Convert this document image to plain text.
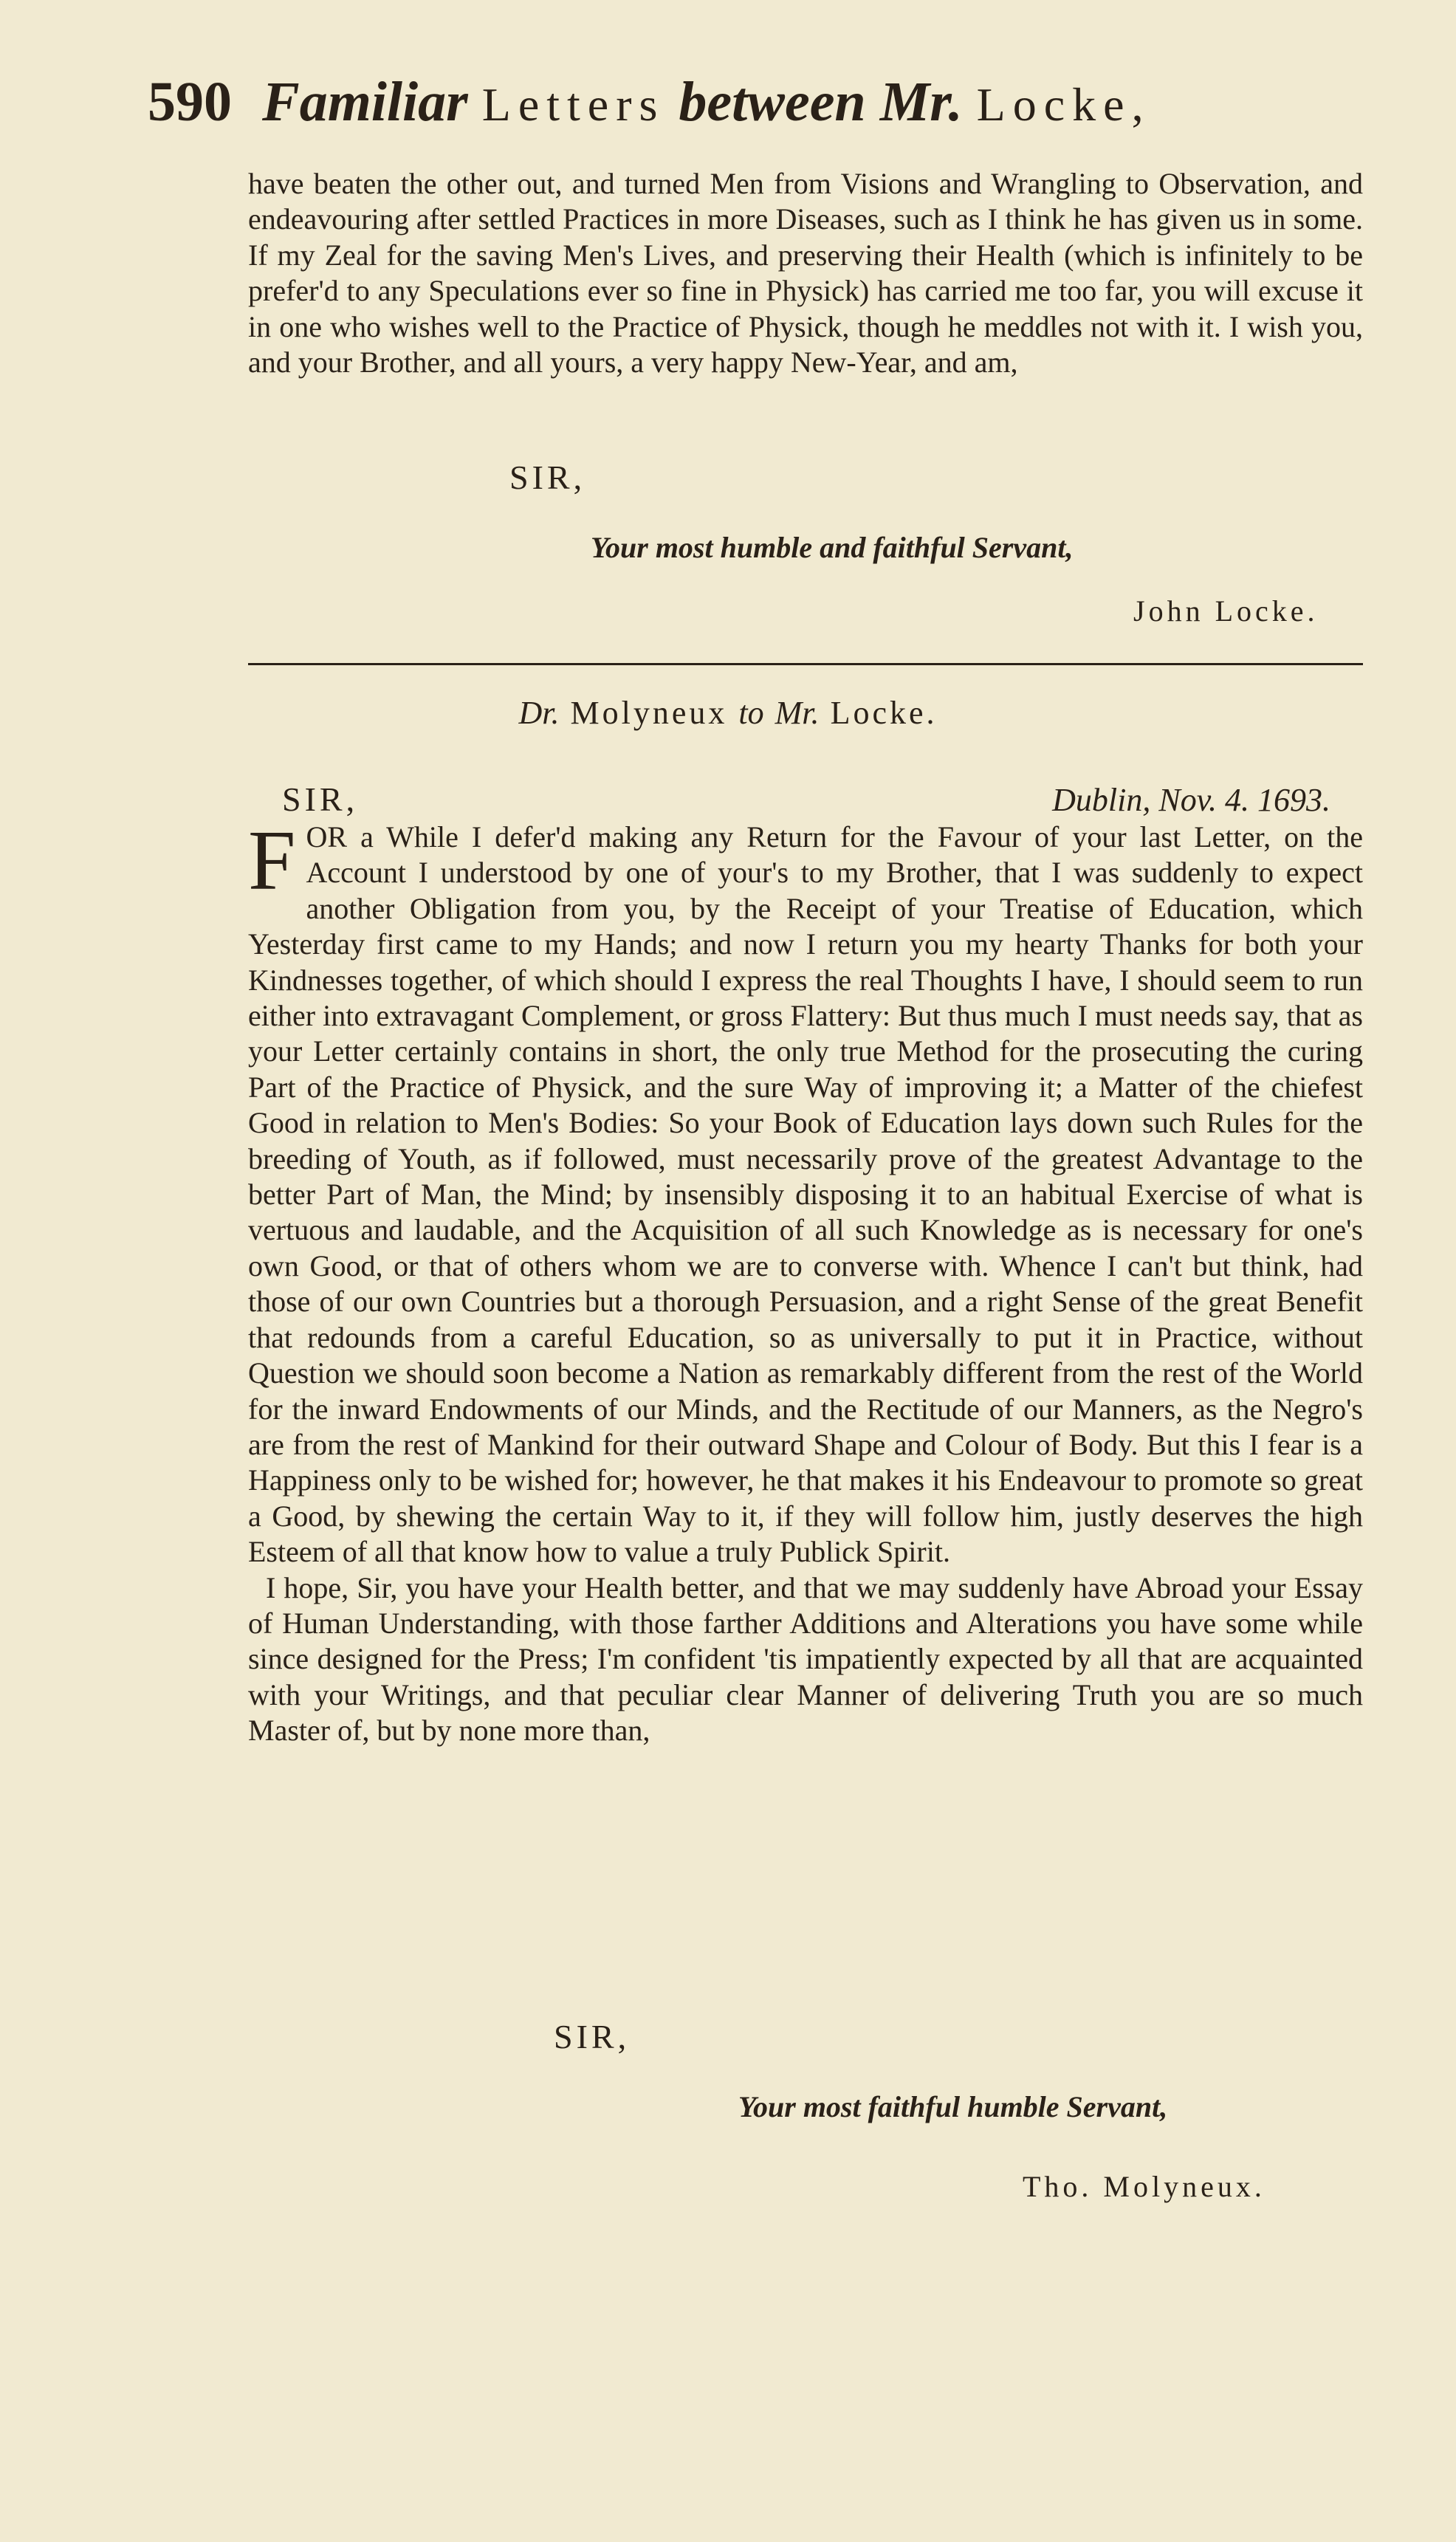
590 Familiar Letters between Mr. Locke,

have beaten the other out, and turned Men from Visions and Wrangling to Observation, and endeavouring after settled Practices in more Diseases, such as I think he has given us in some. If my Zeal for the saving Men's Lives, and preserving their Health (which is infinitely to be prefer'd to any Speculations ever so fine in Physick) has carried me too far, you will excuse it in one who wishes well to the Practice of Physick, though he meddles not with it. I wish you, and your Brother, and all yours, a very happy New-Year, and am,

SIR,
Your most humble and faithful Servant,
John Locke.
Dr. Molyneux to Mr. Locke.
SIR,	Dublin, Nov. 4. 1693.

FOR a While I defer'd making any Return for the Favour of your last Letter, on the Account I understood by one of your's to my Brother, that I was suddenly to expect another Obligation from you, by the Receipt of your Treatise of Education, which Yesterday first came to my Hands; and now I return you my hearty Thanks for both your Kindnesses together, of which should I express the real Thoughts I have, I should seem to run either into extravagant Complement, or gross Flattery: But thus much I must needs say, that as your Letter certainly contains in short, the only true Method for the prosecuting the curing Part of the Practice of Physick, and the sure Way of improving it; a Matter of the chiefest Good in relation to Men's Bodies: So your Book of Education lays down such Rules for the breeding of Youth, as if followed, must necessarily prove of the greatest Advantage to the better Part of Man, the Mind; by insensibly disposing it to an habitual Exercise of what is vertuous and laudable, and the Acquisition of all such Knowledge as is necessary for one's own Good, or that of others whom we are to converse with. Whence I can't but think, had those of our own Countries but a thorough Persuasion, and a right Sense of the great Benefit that redounds from a careful Education, so as universally to put it in Practice, without Question we should soon become a Nation as remarkably different from the rest of the World for the inward Endowments of our Minds, and the Rectitude of our Manners, as the Negro's are from the rest of Mankind for their outward Shape and Colour of Body. But this I fear is a Happiness only to be wished for; however, he that makes it his Endeavour to promote so great a Good, by shewing the certain Way to it, if they will follow him, justly deserves the high Esteem of all that know how to value a truly Publick Spirit.

I hope, Sir, you have your Health better, and that we may suddenly have Abroad your Essay of Human Understanding, with those farther Additions and Alterations you have some while since designed for the Press; I'm confident 'tis impatiently expected by all that are acquainted with your Writings, and that peculiar clear Manner of delivering Truth you are so much Master of, but by none more than,

SIR,
Your most faithful humble Servant,
Tho. Molyneux.
